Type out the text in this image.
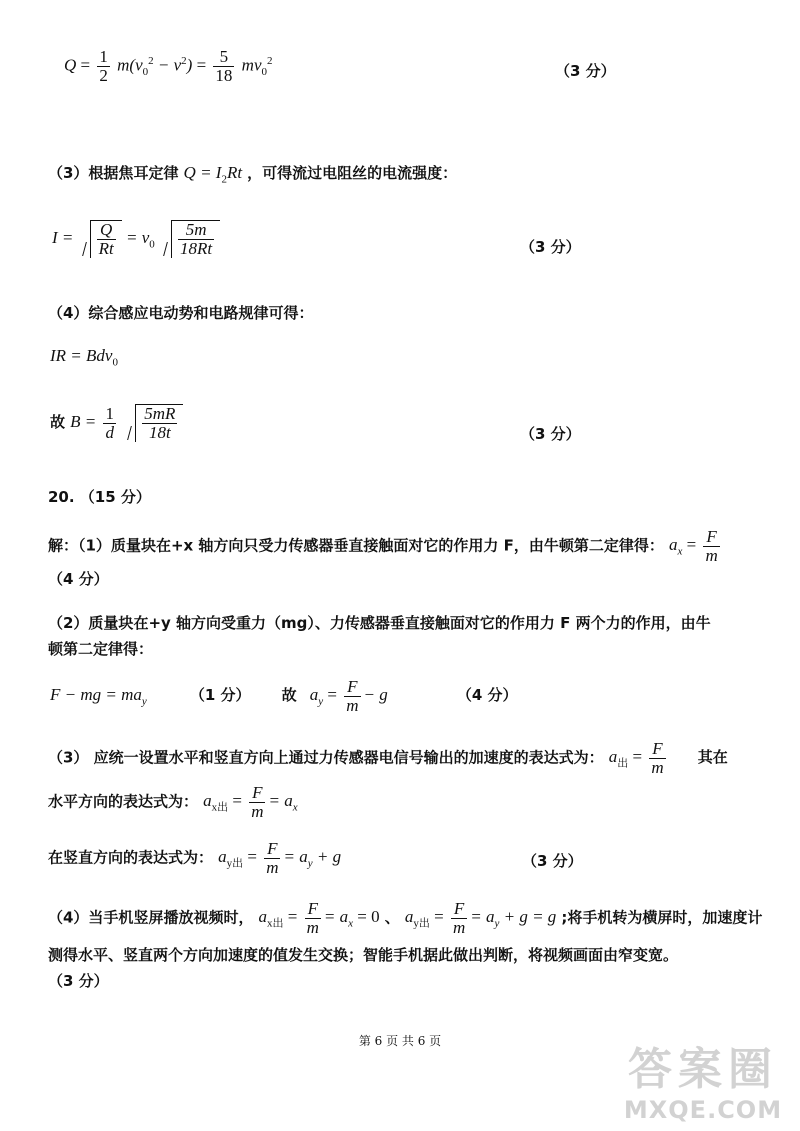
$Q = \frac{1}{2} m(v_0^2 - v^2) = \frac{5}{18} mv_0^2$
（3 分）
（3）根据焦耳定律 $Q = I_2Rt$ ，可得流过电阻丝的电流强度：
$I = \frac{Q}{Rt} = v_0 \frac{5m}{18Rt}$	（3 分）
（4）综合感应电动势和电路规律可得：
IR = Bdv$_0$
故 $B = \frac{1}{d}$
$\frac{5mR}{18t}$	（3 分）
20. （15 分）
解：（1）质量块在+x 轴方向只受力传感器垂直接触面对它的作用力 F，由牛顿第二定律得： $a_x = \frac{F}{m}$
（4 分）
（2）质量块在+y 轴方向受重力（mg）、力传感器垂直接触面对它的作用力 F 两个力的作用，由牛
顿第二定律得：
F − mg = $ma_y$	（1 分） 故 $a_y = \frac{F}{m} - g$	（4 分）
（3） 应统一设置水平和竖直方向上通过力传感器电信号输出的加速度的表达式为： $a_出 = \frac{F}{m}$ 其在
水平方向的表达式为： $a_{x出} = \frac{F}{m} = a_x$
在竖直方向的表达式为： $a_{y出} = \frac{F}{m} = a_y + g$	（3 分）
（4）当手机竖屏播放视频时， $a_{x出} = \frac{F}{m} = a_x = 0$ 、 $a_{y出} = \frac{F}{m} = a_y + g = g$ ;将手机转为横屏时，加速度计
测得水平、竖直两个方向加速度的值发生交换；智能手机据此做出判断，将视频画面由窄变宽。
（3 分）
第 6 页 共 6 页
答案圈
MXQE.COM
